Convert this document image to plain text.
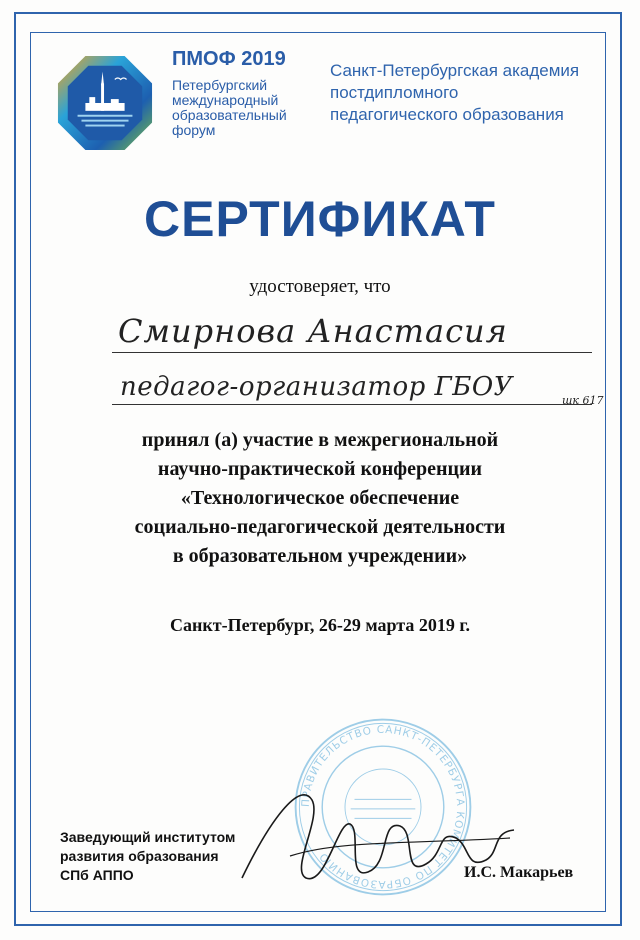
ПМОФ 2019
Петербургский
международный
образовательный
форум
Санкт-Петербургская академия
постдипломного
педагогического образования
СЕРТИФИКАТ
удостоверяет, что
Смирнова Анастасия
педагог-организатор ГБОУ	шк 617
принял (а) участие в межрегиональной
научно-практической конференции
«Технологическое обеспечение
социально-педагогической деятельности
в образовательном учреждении»
Санкт-Петербург, 26-29 марта 2019 г.
ПРАВИТЕЛЬСТВО САНКТ-ПЕТЕРБУРГА КОМИТЕТ ПО ОБРАЗОВАНИЮ
Заведующий институтом
развития образования
СПб АППО	И.С. Макарьев
